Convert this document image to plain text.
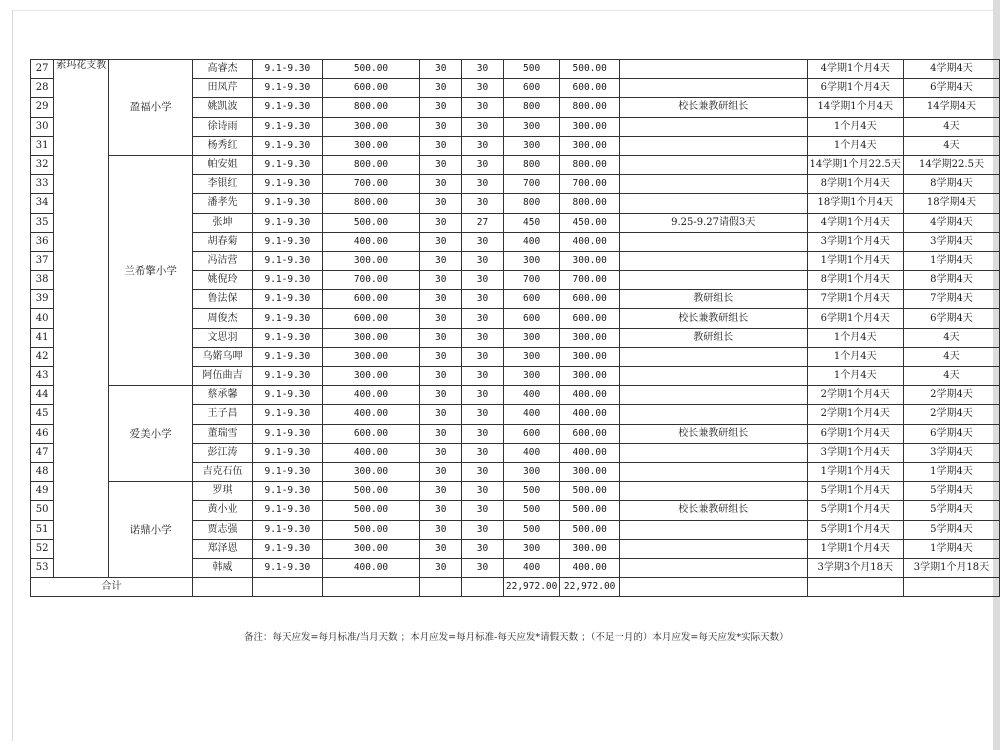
27	索玛花支教	盈福小学	高睿杰	9.1-9.30	500.00	30	30	500	500.00		4学期1个月4天	4学期4天
28			田凤芹	9.1-9.30	600.00	30	30	600	600.00		6学期1个月4天	6学期4天
29			姚凯波	9.1-9.30	800.00	30	30	800	800.00	校长兼教研组长	14学期1个月4天	14学期4天
30			徐诗雨	9.1-9.30	300.00	30	30	300	300.00		1个月4天	4天
31			杨秀红	9.1-9.30	300.00	30	30	300	300.00		1个月4天	4天
32		兰希擎小学	帕安姐	9.1-9.30	800.00	30	30	800	800.00		14学期1个月22.5天	14学期22.5天
33			李银红	9.1-9.30	700.00	30	30	700	700.00		8学期1个月4天	8学期4天
34			潘孝先	9.1-9.30	800.00	30	30	800	800.00		18学期1个月4天	18学期4天
35			张坤	9.1-9.30	500.00	30	27	450	450.00	9.25-9.27请假3天	4学期1个月4天	4学期4天
36			胡春菊	9.1-9.30	400.00	30	30	400	400.00		3学期1个月4天	3学期4天
37			冯洁营	9.1-9.30	300.00	30	30	300	300.00		1学期1个月4天	1学期4天
38			姚倪玲	9.1-9.30	700.00	30	30	700	700.00		8学期1个月4天	8学期4天
39			鲁法保	9.1-9.30	600.00	30	30	600	600.00	教研组长	7学期1个月4天	7学期4天
40			周俊杰	9.1-9.30	600.00	30	30	600	600.00	校长兼教研组长	6学期1个月4天	6学期4天
41			文思羽	9.1-9.30	300.00	30	30	300	300.00	教研组长	1个月4天	4天
42			乌婼乌呷	9.1-9.30	300.00	30	30	300	300.00		1个月4天	4天
43			阿伍曲吉	9.1-9.30	300.00	30	30	300	300.00		1个月4天	4天
44		爱美小学	蔡承馨	9.1-9.30	400.00	30	30	400	400.00		2学期1个月4天	2学期4天
45			王子昌	9.1-9.30	400.00	30	30	400	400.00		2学期1个月4天	2学期4天
46			董瑞雪	9.1-9.30	600.00	30	30	600	600.00	校长兼教研组长	6学期1个月4天	6学期4天
47			彭江涛	9.1-9.30	400.00	30	30	400	400.00		3学期1个月4天	3学期4天
48			吉克石伍	9.1-9.30	300.00	30	30	300	300.00		1学期1个月4天	1学期4天
49		诺鼎小学	罗琪	9.1-9.30	500.00	30	30	500	500.00		5学期1个月4天	5学期4天
50			黄小业	9.1-9.30	500.00	30	30	500	500.00	校长兼教研组长	5学期1个月4天	5学期4天
51			贾志强	9.1-9.30	500.00	30	30	500	500.00		5学期1个月4天	5学期4天
52			郑泽恩	9.1-9.30	300.00	30	30	300	300.00		1学期1个月4天	1学期4天
53			韩威	9.1-9.30	400.00	30	30	400	400.00		3学期3个月18天	3学期1个月18天
合计								22,972.00	22,972.00			
备注：每天应发=每月标准/当月天数 ；本月应发=每月标准-每天应发*请假天数 ；（不足一月的）本月应发=每天应发*实际天数）
